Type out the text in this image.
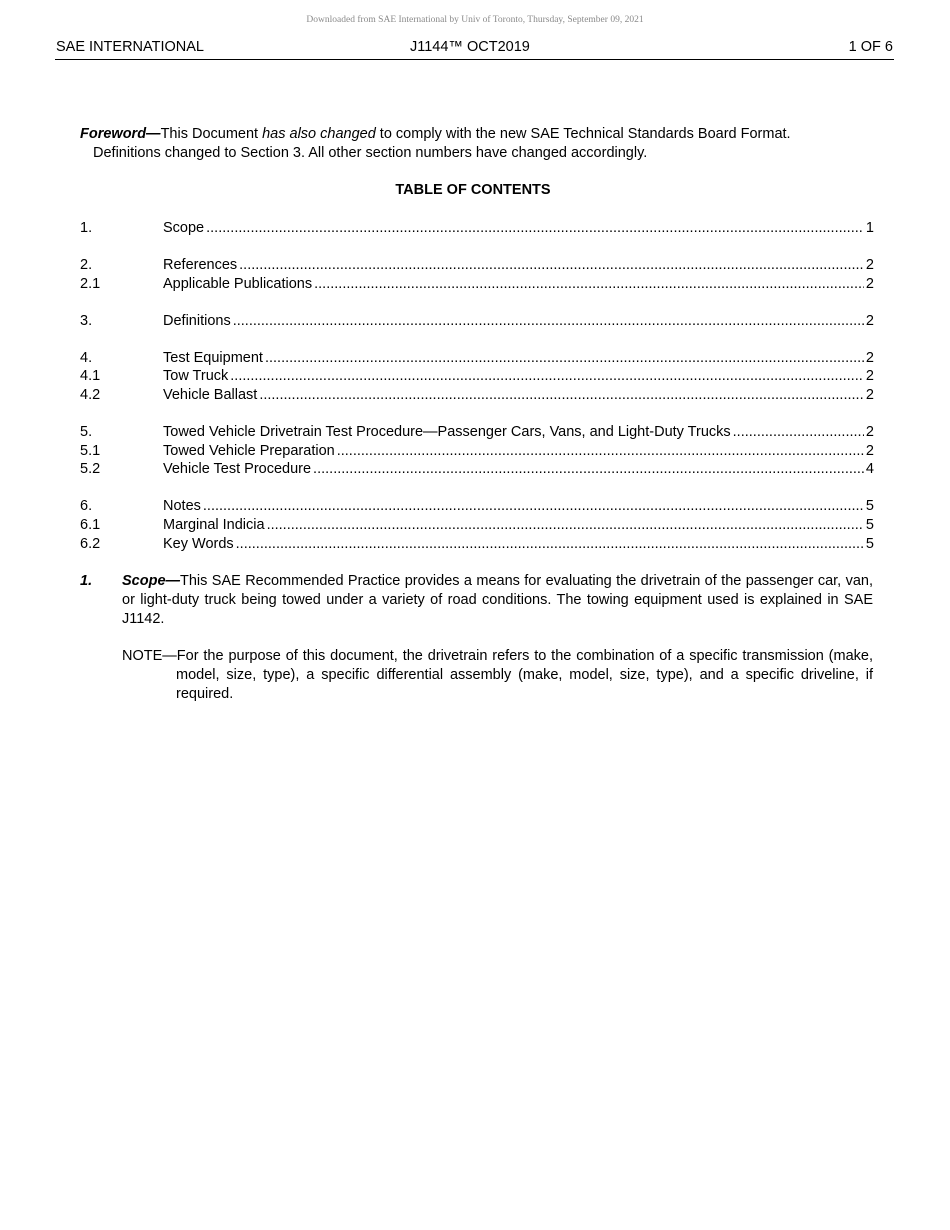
Downloaded from SAE International by Univ of Toronto, Thursday, September 09, 2021
SAE INTERNATIONAL	J1144™ OCT2019	1 OF 6
Foreword—This Document has also changed to comply with the new SAE Technical Standards Board Format.
Definitions changed to Section 3. All other section numbers have changed accordingly.
TABLE OF CONTENTS
1.	Scope .....	1
2.	References .....	2
2.1	Applicable Publications .....	2
3.	Definitions .....	2
4.	Test Equipment .....	2
4.1	Tow Truck .....	2
4.2	Vehicle Ballast .....	2
5.	Towed Vehicle Drivetrain Test Procedure—Passenger Cars, Vans, and Light-Duty Trucks .....	2
5.1	Towed Vehicle Preparation .....	2
5.2	Vehicle Test Procedure .....	4
6.	Notes .....	5
6.1	Marginal Indicia .....	5
6.2	Key Words .....	5
1. Scope—This SAE Recommended Practice provides a means for evaluating the drivetrain of the passenger car, van, or light-duty truck being towed under a variety of road conditions. The towing equipment used is explained in SAE J1142.
NOTE—For the purpose of this document, the drivetrain refers to the combination of a specific transmission (make, model, size, type), a specific differential assembly (make, model, size, type), and a specific driveline, if required.
